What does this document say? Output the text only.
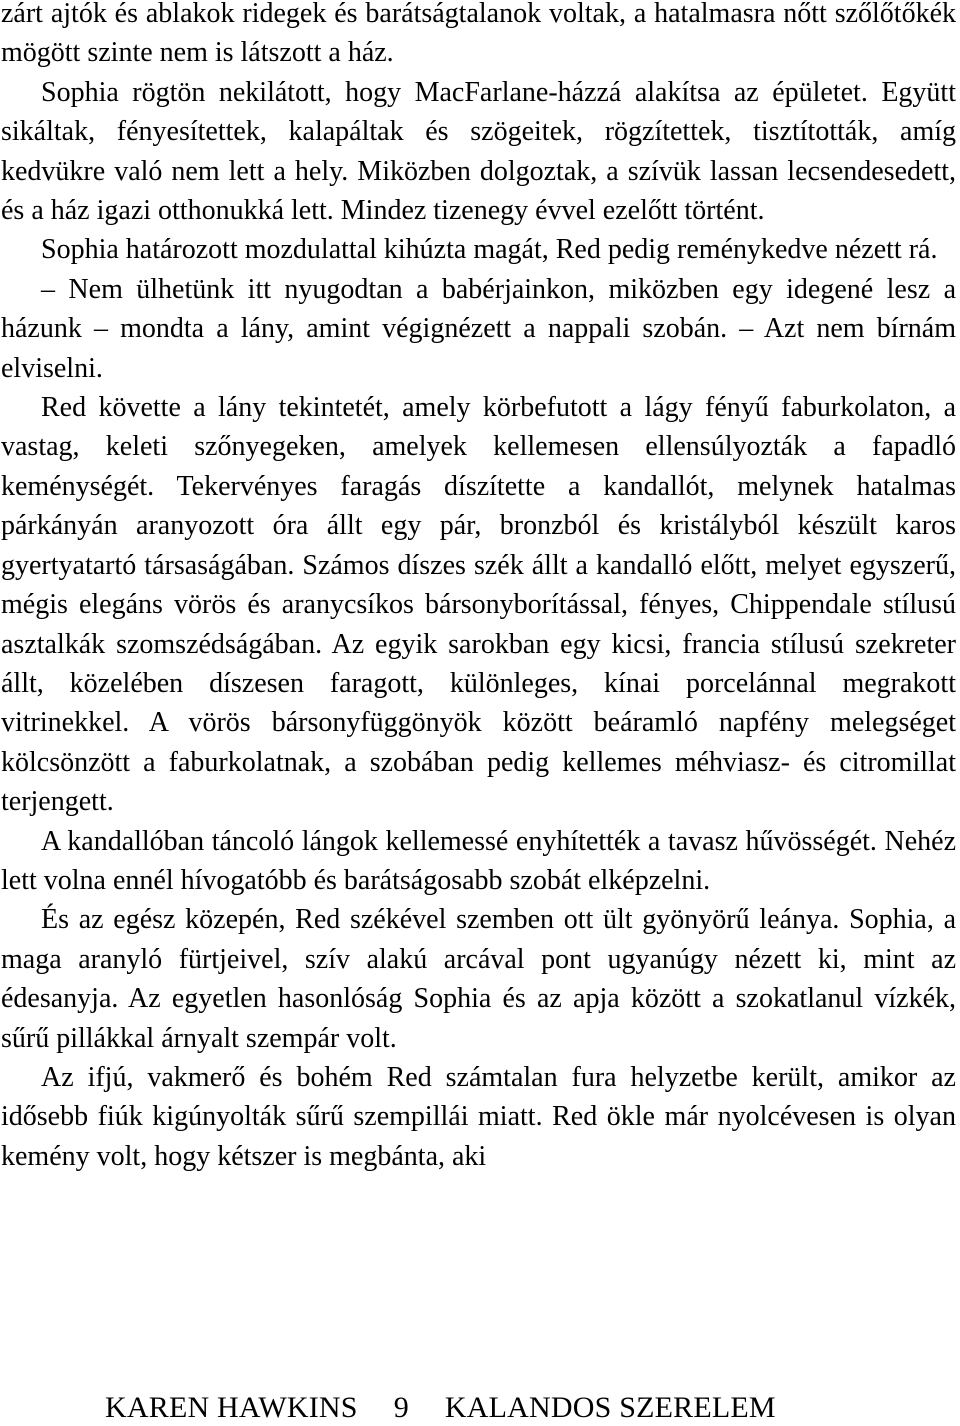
zárt ajtók és ablakok ridegek és barátságtalanok voltak, a hatalmasra nőtt szőlőtőkék mögött szinte nem is látszott a ház.

Sophia rögtön nekilátott, hogy MacFarlane-házzá alakítsa az épületet. Együtt sikáltak, fényesítettek, kalapáltak és szögeitek, rögzítettek, tisztították, amíg kedvükre való nem lett a hely. Miközben dolgoztak, a szívük lassan lecsendesedett, és a ház igazi otthonukká lett. Mindez tizenegy évvel ezelőtt történt.

Sophia határozott mozdulattal kihúzta magát, Red pedig reménykedve nézett rá.

– Nem ülhetünk itt nyugodtan a babérjainkon, miközben egy idegené lesz a házunk – mondta a lány, amint végignézett a nappali szobán. – Azt nem bírnám elviselni.

Red követte a lány tekintetét, amely körbefutott a lágy fényű faburkolaton, a vastag, keleti szőnyegeken, amelyek kellemesen ellensúlyozták a fapadló keménységét. Tekervényes faragás díszítette a kandallót, melynek hatalmas párkányán aranyozott óra állt egy pár, bronzból és kristályból készült karos gyertyatartó társaságában. Számos díszes szék állt a kandalló előtt, melyet egyszerű, mégis elegáns vörös és aranycsíkos bársonyborítással, fényes, Chippendale stílusú asztalkák szomszédságában. Az egyik sarokban egy kicsi, francia stílusú szekreter állt, közelében díszesen faragott, különleges, kínai porcelánnal megrakott vitrinekkel. A vörös bársonyfüggönyök között beáramló napfény melegséget kölcsönzött a faburkolatnak, a szobában pedig kellemes méhviasz- és citromillat terjengett.

A kandallóban táncoló lángok kellemessé enyhítették a tavasz hűvösségét. Nehéz lett volna ennél hívogatóbb és barátságosabb szobát elképzelni.

És az egész közepén, Red székével szemben ott ült gyönyörű leánya. Sophia, a maga aranyló fürtjeivel, szív alakú arcával pont ugyanúgy nézett ki, mint az édesanyja. Az egyetlen hasonlóság Sophia és az apja között a szokatlanul vízkék, sűrű pillákkal árnyalt szempár volt.

Az ifjú, vakmerő és bohém Red számtalan fura helyzetbe került, amikor az idősebb fiúk kigúnyolták sűrű szempillái miatt. Red ökle már nyolcévesen is olyan kemény volt, hogy kétszer is megbánta, aki

KAREN HAWKINS 9 KALANDOS SZERELEM
